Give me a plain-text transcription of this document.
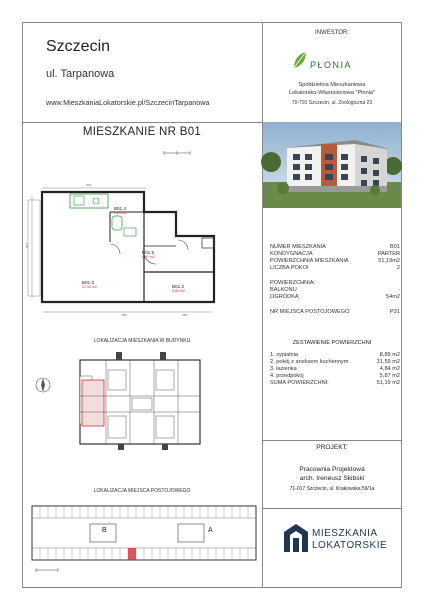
Szczecin
ul. Tarpanowa
www.MieszkaniaLokatorskie.pl/SzczecinTarpanowa
MIESZKANIE NR B01
B01.4
4,84 m2
B01.5
5,87 m2
B01.3
31,59 m2	B01.2
8,89 m2
359
553	285
587
LOKALIZACJA MIESZKANIA W BUDYNKU
LOKALIZACJA MIEJSCA POSTOJOWEGO
B	A
INWESTOR:
PŁONIA
Spółdzielnia Mieszkaniowa
Lokatorsko-Własnościowa "Płonia"
70-791 Szczecin, ul. Zoologiczna 23
NUMER MIESZKANIA	B01
KONDYGNACJA	PARTER
POWIERZCHNIA MIESZKANIA	51,19m2
LICZBA POKOI	2
POWIERZCHNIA:
BALKONU	-
OGRÓDKA	54m2
NR MIEJSCA POSTOJOWEGO	P31
ZESTAWIENIE POWIERZCHNI
1. sypialnia	8,89 m2
2. pokój z aneksem kuchennym	31,59 m2
3. łazienka	4,84 m2
4. przedpokój	5,87 m2
SUMA POWIERZCHNI:	51,19 m2
PROJEKT:
Pracownia Projektowa
arch. Ireneusz Skibski
71-017 Szczecin, ul. Krakowska 59/1a
MIESZKANIA
LOKATORSKIE
